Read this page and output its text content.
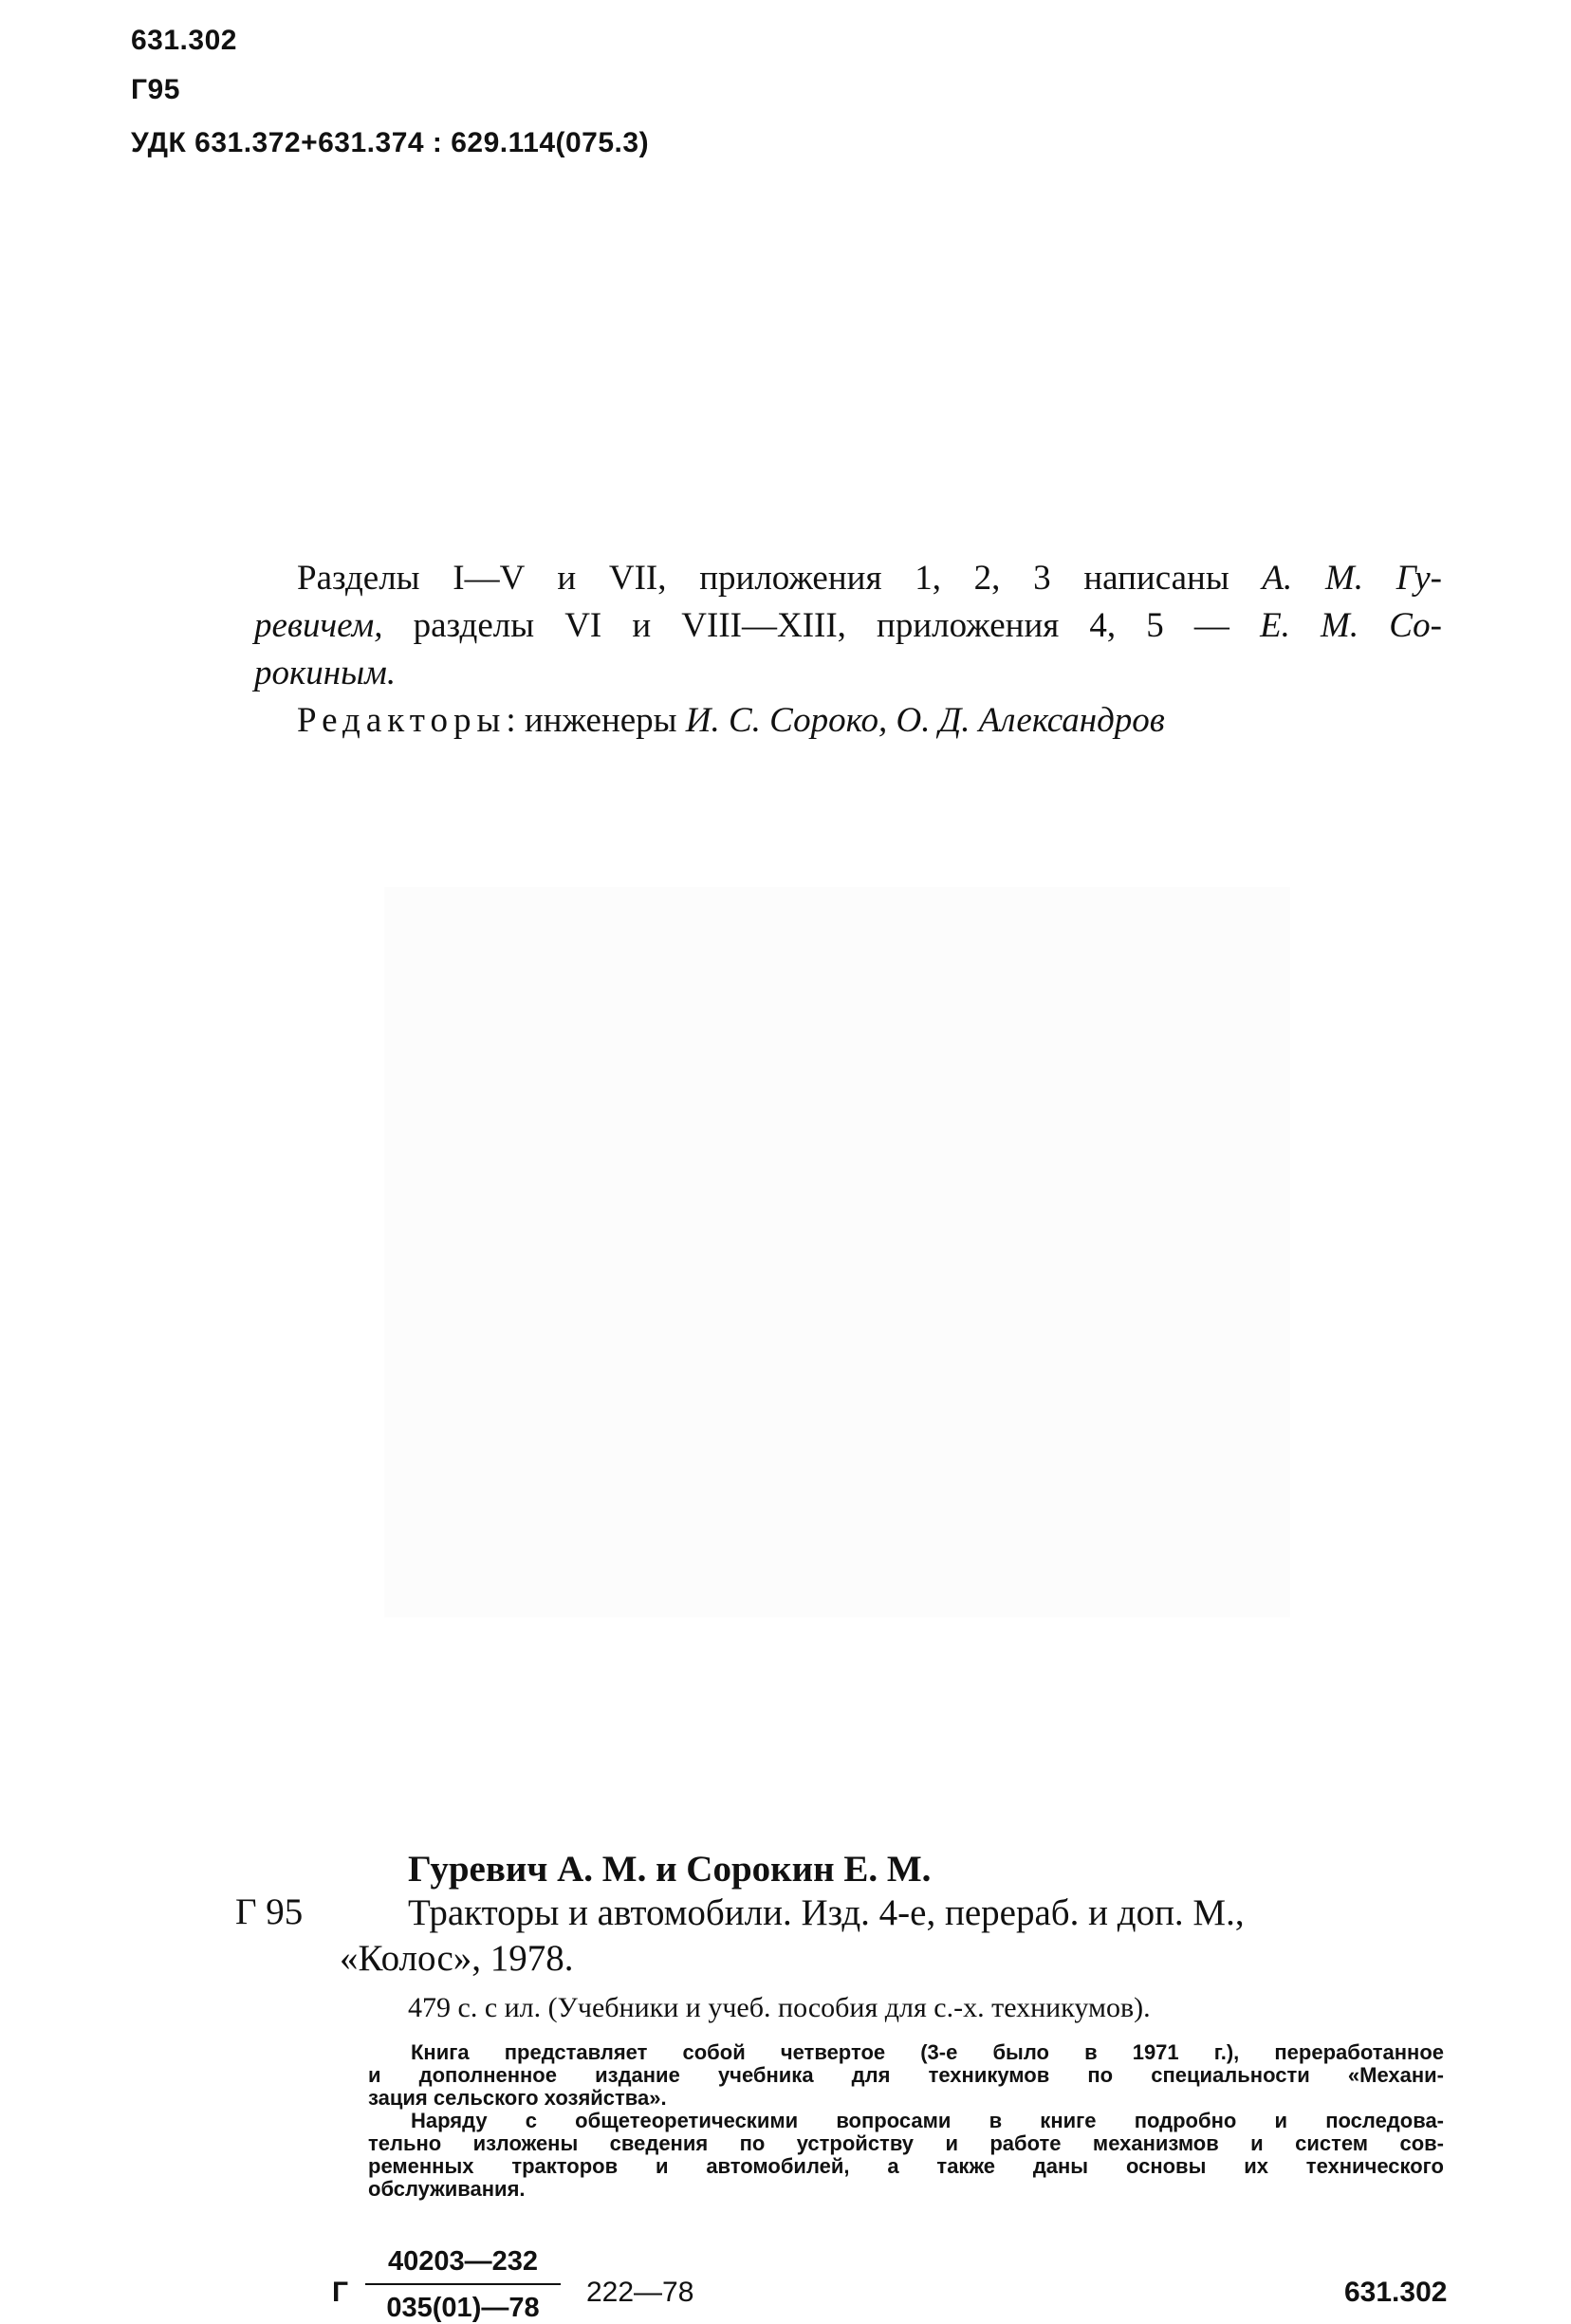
631.302
Г95
УДК 631.372+631.374 : 629.114(075.3)

Разделы I—V и VII, приложения 1, 2, 3 написаны А. М. Гу-
ревичем, разделы VI и VIII—XIII, приложения 4, 5 — Е. М. Со-
рокиным.

Редакторы: инженеры И. С. Сороко, О. Д. Александров

Гуревич А. М. и Сорокин Е. М.
Г 95	Тракторы и автомобили. Изд. 4-е, перераб. и доп. М.,
«Колос», 1978.
479 с. с ил. (Учебники и учеб. пособия для с.-х. техникумов).
Книга представляет собой четвертое (3-е было в 1971 г.), переработанное
и дополненное издание учебника для техникумов по специальности «Механи-
зация сельского хозяйства».
Наряду с общетеоретическими вопросами в книге подробно и последова-
тельно изложены сведения по устройству и работе механизмов и систем сов-
ременных тракторов и автомобилей, а также даны основы их технического
обслуживания.
Г $\frac{40203—232}{035(01)—78}$ 222—78	631.302
